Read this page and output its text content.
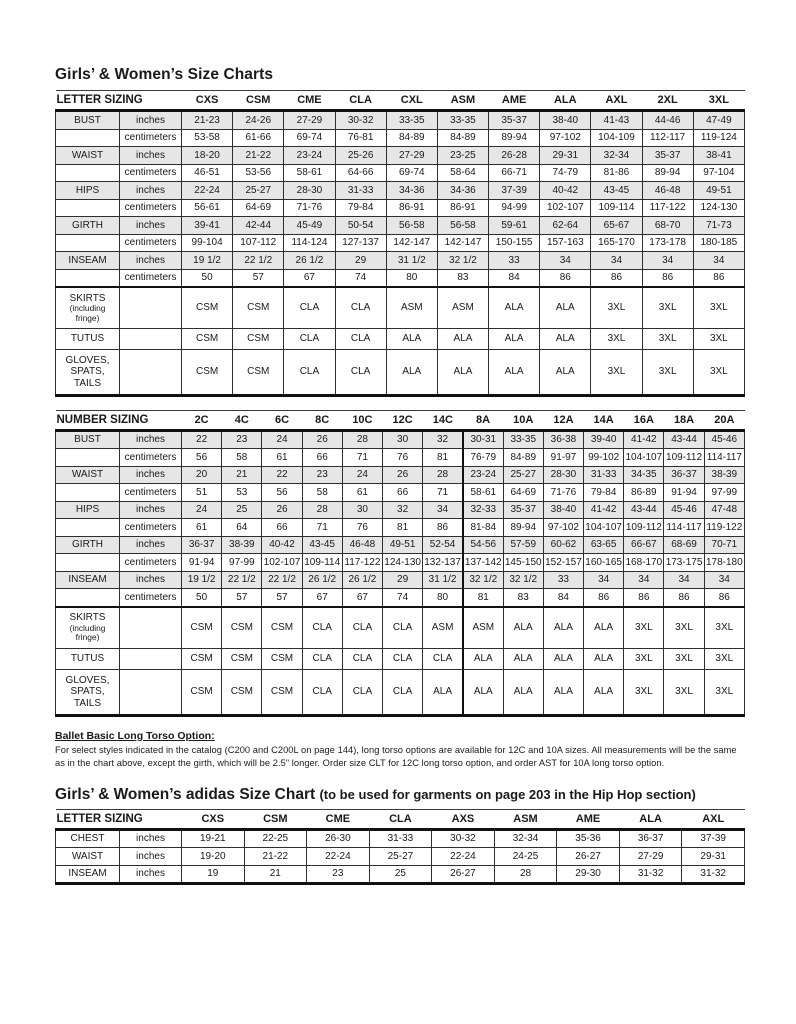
Girls’ & Women’s Size Charts
LETTER SIZING		CXS	CSM	CME	CLA	CXL	ASM	AME	ALA	AXL	2XL	3XL
BUST	inches	21-23	24-26	27-29	30-32	33-35	33-35	35-37	38-40	41-43	44-46	47-49
	centimeters	53-58	61-66	69-74	76-81	84-89	84-89	89-94	97-102	104-109	112-117	119-124
WAIST	inches	18-20	21-22	23-24	25-26	27-29	23-25	26-28	29-31	32-34	35-37	38-41
	centimeters	46-51	53-56	58-61	64-66	69-74	58-64	66-71	74-79	81-86	89-94	97-104
HIPS	inches	22-24	25-27	28-30	31-33	34-36	34-36	37-39	40-42	43-45	46-48	49-51
	centimeters	56-61	64-69	71-76	79-84	86-91	86-91	94-99	102-107	109-114	117-122	124-130
GIRTH	inches	39-41	42-44	45-49	50-54	56-58	56-58	59-61	62-64	65-67	68-70	71-73
	centimeters	99-104	107-112	114-124	127-137	142-147	142-147	150-155	157-163	165-170	173-178	180-185
INSEAM	inches	19 1/2	22 1/2	26 1/2	29	31 1/2	32 1/2	33	34	34	34	34
	centimeters	50	57	67	74	80	83	84	86	86	86	86

SKIRTS
(including fringe)		CSM	CSM	CLA	CLA	ASM	ASM	ALA	ALA	3XL	3XL	3XL

TUTUS		CSM	CSM	CLA	CLA	ALA	ALA	ALA	ALA	3XL	3XL	3XL

GLOVES, SPATS,
TAILS		CSM	CSM	CLA	CLA	ALA	ALA	ALA	ALA	3XL	3XL	3XL
NUMBER SIZING		2C	4C	6C	8C	10C	12C	14C	8A	10A	12A	14A	16A	18A	20A
BUST	inches	22	23	24	26	28	30	32	30-31	33-35	36-38	39-40	41-42	43-44	45-46
	centimeters	56	58	61	66	71	76	81	76-79	84-89	91-97	99-102	104-107	109-112	114-117
WAIST	inches	20	21	22	23	24	26	28	23-24	25-27	28-30	31-33	34-35	36-37	38-39
	centimeters	51	53	56	58	61	66	71	58-61	64-69	71-76	79-84	86-89	91-94	97-99
HIPS	inches	24	25	26	28	30	32	34	32-33	35-37	38-40	41-42	43-44	45-46	47-48
	centimeters	61	64	66	71	76	81	86	81-84	89-94	97-102	104-107	109-112	114-117	119-122
GIRTH	inches	36-37	38-39	40-42	43-45	46-48	49-51	52-54	54-56	57-59	60-62	63-65	66-67	68-69	70-71
	centimeters	91-94	97-99	102-107	109-114	117-122	124-130	132-137	137-142	145-150	152-157	160-165	168-170	173-175	178-180
INSEAM	inches	19 1/2	22 1/2	22 1/2	26 1/2	26 1/2	29	31 1/2	32 1/2	32 1/2	33	34	34	34	34
	centimeters	50	57	57	67	67	74	80	81	83	84	86	86	86	86

SKIRTS
(including fringe)		CSM	CSM	CSM	CLA	CLA	CLA	ASM	ASM	ALA	ALA	ALA	3XL	3XL	3XL

TUTUS		CSM	CSM	CSM	CLA	CLA	CLA	CLA	ALA	ALA	ALA	ALA	3XL	3XL	3XL

GLOVES, SPATS,
TAILS		CSM	CSM	CSM	CLA	CLA	CLA	ALA	ALA	ALA	ALA	ALA	3XL	3XL	3XL
Ballet Basic Long Torso Option:
For select styles indicated in the catalog (C200 and C200L on page 144), long torso options are available for 12C and 10A sizes. All measurements will be the same as in the chart above, except the girth, which will be 2.5" longer. Order size CLT for 12C long torso option, and order AST for 10A long torso option.
Girls’ & Women’s adidas Size Chart (to be used for garments on page 203 in the Hip Hop section)
LETTER SIZING		CXS	CSM	CME	CLA	AXS	ASM	AME	ALA	AXL
CHEST	inches	19-21	22-25	26-30	31-33	30-32	32-34	35-36	36-37	37-39
WAIST	inches	19-20	21-22	22-24	25-27	22-24	24-25	26-27	27-29	29-31
INSEAM	inches	19	21	23	25	26-27	28	29-30	31-32	31-32
